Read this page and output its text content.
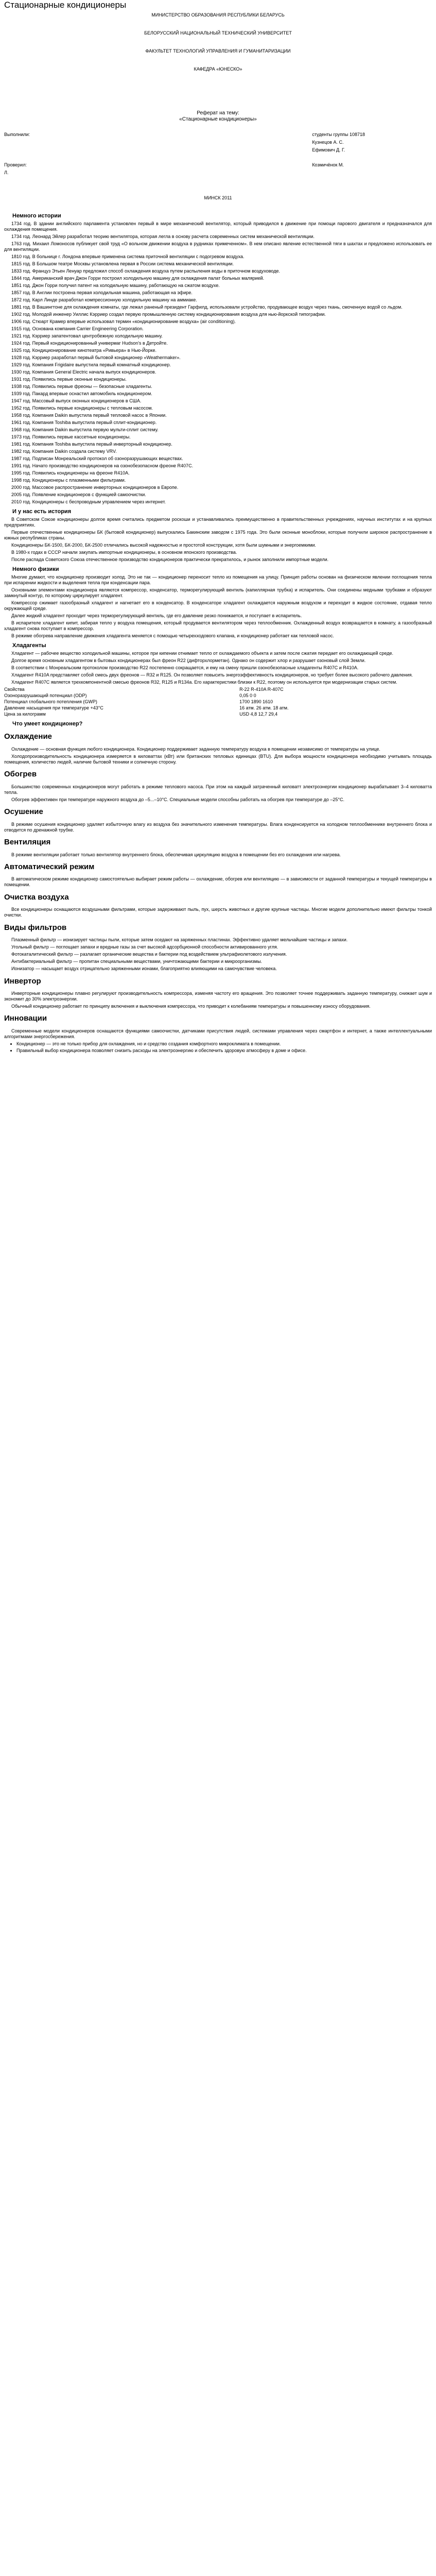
Стационарные кондиционеры

МИНИСТЕРСТВО ОБРАЗОВАНИЯ РЕСПУБЛИКИ БЕЛАРУСЬ

БЕЛОРУССКИЙ НАЦИОНАЛЬНЫЙ ТЕХНИЧЕСКИЙ УНИВЕРСИТЕТ

ФАКУЛЬТЕТ ТЕХНОЛОГИЙ УПРАВЛЕНИЯ И ГУМАНИТАРИЗАЦИИ

КАФЕДРА «ЮНЕСКО»

Реферат на тему:
«Стационарные кондиционеры»
Выполнили:	студенты группы 108718
	Кузнецов А. С.
	Ефимович Д. Г.
Проверил:	Козмичёнок М.
Л.	
МИНСК 2011
Немного истории

1734 год. В здании английского парламента установлен первый в мире механический вентилятор, который приводился в движение при помощи парового двигателя и предназначался для охлаждения помещения.

1734 год. Леонард Эйлер разработал теорию вентилятора, которая легла в основу расчета современных систем механической вентиляции.

1763 год. Михаил Ломоносов публикует свой труд «О вольном движении воздуха в рудниках примеченном». В нем описано явление естественной тяги в шахтах и предложено использовать ее для вентиляции.

1810 год. В больнице г. Лондона впервые применена система приточной вентиляции с подогревом воздуха.

1815 год. В Большом театре Москвы установлена первая в России система механической вентиляции.

1833 год. Француз Этьен Ленуар предложил способ охлаждения воздуха путем распыления воды в приточном воздуховоде.

1844 год. Американский врач Джон Горри построил холодильную машину для охлаждения палат больных малярией.

1851 год. Джон Горри получил патент на холодильную машину, работающую на сжатом воздухе.

1857 год. В Англии построена первая холодильная машина, работающая на эфире.

1872 год. Карл Линде разработал компрессионную холодильную машину на аммиаке.

1881 год. В Вашингтоне для охлаждения комнаты, где лежал раненый президент Гарфилд, использовали устройство, продувающее воздух через ткань, смоченную водой со льдом.

1902 год. Молодой инженер Уиллис Кэрриер создал первую промышленную систему кондиционирования воздуха для нью-йоркской типографии.

1906 год. Стюарт Крамер впервые использовал термин «кондиционирование воздуха» (air conditioning).

1915 год. Основана компания Carrier Engineering Corporation.

1921 год. Кэрриер запатентовал центробежную холодильную машину.

1924 год. Первый кондиционированный универмаг Hudson's в Детройте.

1925 год. Кондиционирование кинотеатра «Ривьера» в Нью-Йорке.

1928 год. Кэрриер разработал первый бытовой кондиционер «Weathermaker».

1929 год. Компания Frigidaire выпустила первый комнатный кондиционер.

1930 год. Компания General Electric начала выпуск кондиционеров.

1931 год. Появились первые оконные кондиционеры.

1938 год. Появились первые фреоны — безопасные хладагенты.

1939 год. Пакард впервые оснастил автомобиль кондиционером.

1947 год. Массовый выпуск оконных кондиционеров в США.

1952 год. Появились первые кондиционеры с тепловым насосом.

1958 год. Компания Daikin выпустила первый тепловой насос в Японии.

1961 год. Компания Toshiba выпустила первый сплит-кондиционер.

1968 год. Компания Daikin выпустила первую мульти-сплит систему.

1973 год. Появились первые кассетные кондиционеры.

1981 год. Компания Toshiba выпустила первый инверторный кондиционер.

1982 год. Компания Daikin создала систему VRV.

1987 год. Подписан Монреальский протокол об озоноразрушающих веществах.

1991 год. Начато производство кондиционеров на озонобезопасном фреоне R407C.

1995 год. Появились кондиционеры на фреоне R410A.

1998 год. Кондиционеры с плазменными фильтрами.

2000 год. Массовое распространение инверторных кондиционеров в Европе.

2005 год. Появление кондиционеров с функцией самоочистки.

2010 год. Кондиционеры с беспроводным управлением через интернет.

И у нас есть история

В Советском Союзе кондиционеры долгое время считались предметом роскоши и устанавливались преимущественно в правительственных учреждениях, научных институтах и на крупных предприятиях.

Первые отечественные кондиционеры БК (бытовой кондиционер) выпускались Бакинским заводом с 1975 года. Это были оконные моноблоки, которые получили широкое распространение в южных республиках страны.

Кондиционеры БК-1500, БК-2000, БК-2500 отличались высокой надежностью и простотой конструкции, хотя были шумными и энергоемкими.

В 1980-х годах в СССР начали закупать импортные кондиционеры, в основном японского производства.

После распада Советского Союза отечественное производство кондиционеров практически прекратилось, и рынок заполнили импортные модели.

Немного физики

Многие думают, что кондиционер производит холод. Это не так — кондиционер переносит тепло из помещения на улицу. Принцип работы основан на физическом явлении поглощения тепла при испарении жидкости и выделения тепла при конденсации пара.

Основными элементами кондиционера являются компрессор, конденсатор, терморегулирующий вентиль (капиллярная трубка) и испаритель. Они соединены медными трубками и образуют замкнутый контур, по которому циркулирует хладагент.

Компрессор сжимает газообразный хладагент и нагнетает его в конденсатор. В конденсаторе хладагент охлаждается наружным воздухом и переходит в жидкое состояние, отдавая тепло окружающей среде.

Далее жидкий хладагент проходит через терморегулирующий вентиль, где его давление резко понижается, и поступает в испаритель.

В испарителе хладагент кипит, забирая тепло у воздуха помещения, который продувается вентилятором через теплообменник. Охлажденный воздух возвращается в комнату, а газообразный хладагент снова поступает в компрессор.

В режиме обогрева направление движения хладагента меняется с помощью четырехходового клапана, и кондиционер работает как тепловой насос.

Хладагенты

Хладагент — рабочее вещество холодильной машины, которое при кипении отнимает тепло от охлаждаемого объекта и затем после сжатия передает его охлаждающей среде.

Долгое время основным хладагентом в бытовых кондиционерах был фреон R22 (дифторхлорметан). Однако он содержит хлор и разрушает озоновый слой Земли.

В соответствии с Монреальским протоколом производство R22 постепенно сокращается, и ему на смену пришли озонобезопасные хладагенты R407C и R410A.

Хладагент R410A представляет собой смесь двух фреонов — R32 и R125. Он позволяет повысить энергоэффективность кондиционеров, но требует более высокого рабочего давления.

Хладагент R407C является трехкомпонентной смесью фреонов R32, R125 и R134a. Его характеристики близки к R22, поэтому он используется при модернизации старых систем.

Свойства	R-22 R-410A R-407C
Озоноразрушающий потенциал (ODP)	0,05 0 0
Потенциал глобального потепления (GWP)	1700 1890 1610
Давление насыщения при температуре +43°С	16 атм. 26 атм. 18 атм.
Цена за килограмм	USD 4,8 12,7 29,4
Что умеет кондиционер?
Охлаждение

Охлаждение — основная функция любого кондиционера. Кондиционер поддерживает заданную температуру воздуха в помещении независимо от температуры на улице.

Холодопроизводительность кондиционера измеряется в киловаттах (кВт) или британских тепловых единицах (BTU). Для выбора мощности кондиционера необходимо учитывать площадь помещения, количество людей, наличие бытовой техники и солнечную сторону.

Обогрев

Большинство современных кондиционеров могут работать в режиме теплового насоса. При этом на каждый затраченный киловатт электроэнергии кондиционер вырабатывает 3–4 киловатта тепла.

Обогрев эффективен при температуре наружного воздуха до –5...–10°С. Специальные модели способны работать на обогрев при температуре до –25°С.

Осушение

В режиме осушения кондиционер удаляет избыточную влагу из воздуха без значительного изменения температуры. Влага конденсируется на холодном теплообменнике внутреннего блока и отводится по дренажной трубке.

Вентиляция

В режиме вентиляции работает только вентилятор внутреннего блока, обеспечивая циркуляцию воздуха в помещении без его охлаждения или нагрева.

Автоматический режим

В автоматическом режиме кондиционер самостоятельно выбирает режим работы — охлаждение, обогрев или вентиляцию — в зависимости от заданной температуры и текущей температуры в помещении.

Очистка воздуха

Все кондиционеры оснащаются воздушными фильтрами, которые задерживают пыль, пух, шерсть животных и другие крупные частицы. Многие модели дополнительно имеют фильтры тонкой очистки.

Виды фильтров

Плазменный фильтр — ионизирует частицы пыли, которые затем оседают на заряженных пластинах. Эффективно удаляет мельчайшие частицы и запахи.

Угольный фильтр — поглощает запахи и вредные газы за счет высокой адсорбционной способности активированного угля.

Фотокаталитический фильтр — разлагает органические вещества и бактерии под воздействием ультрафиолетового излучения.

Антибактериальный фильтр — пропитан специальными веществами, уничтожающими бактерии и микроорганизмы.

Ионизатор — насыщает воздух отрицательно заряженными ионами, благоприятно влияющими на самочувствие человека.

Инвертор

Инверторные кондиционеры плавно регулируют производительность компрессора, изменяя частоту его вращения. Это позволяет точнее поддерживать заданную температуру, снижает шум и экономит до 30% электроэнергии.

Обычный кондиционер работает по принципу включения и выключения компрессора, что приводит к колебаниям температуры и повышенному износу оборудования.

Инновации

Современные модели кондиционеров оснащаются функциями самоочистки, датчиками присутствия людей, системами управления через смартфон и интернет, а также интеллектуальными алгоритмами энергосбережения.

• Кондиционер — это не только прибор для охлаждения, но и средство создания комфортного микроклимата в помещении.
• Правильный выбор кондиционера позволяет снизить расходы на электроэнергию и обеспечить здоровую атмосферу в доме и офисе.
